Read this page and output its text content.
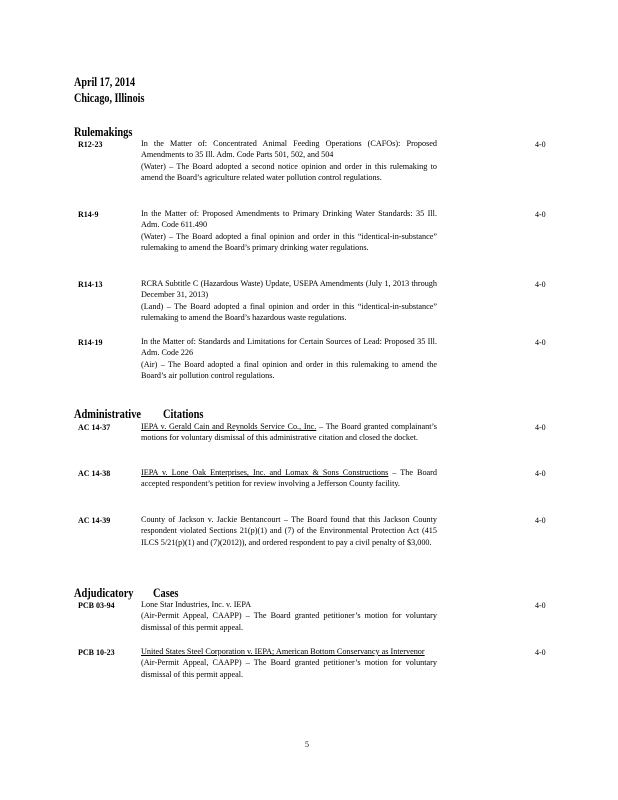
April 17, 2014
Chicago, Illinois
Rulemakings
R12-23	In the Matter of: Concentrated Animal Feeding Operations (CAFOs): Proposed Amendments to 35 Ill. Adm. Code Parts 501, 502, and 504
(Water) – The Board adopted a second notice opinion and order in this rulemaking to amend the Board’s agriculture related water pollution control regulations.
4-0
R14-9	In the Matter of: Proposed Amendments to Primary Drinking Water Standards: 35 Ill. Adm. Code 611.490
(Water) – The Board adopted a final opinion and order in this “identical-in-substance” rulemaking to amend the Board’s primary drinking water regulations.
4-0
R14-13	RCRA Subtitle C (Hazardous Waste) Update, USEPA Amendments (July 1, 2013 through December 31, 2013)
(Land) – The Board adopted a final opinion and order in this “identical-in-substance” rulemaking to amend the Board’s hazardous waste regulations.
4-0
R14-19	In the Matter of: Standards and Limitations for Certain Sources of Lead: Proposed 35 Ill. Adm. Code 226
(Air) – The Board adopted a final opinion and order in this rulemaking to amend the Board’s air pollution control regulations.
4-0
Administrative Citations
AC 14-37	IEPA v. Gerald Cain and Reynolds Service Co., Inc. – The Board granted complainant’s motions for voluntary dismissal of this administrative citation and closed the docket.
4-0
AC 14-38	IEPA v. Lone Oak Enterprises, Inc. and Lomax & Sons Constructions – The Board accepted respondent’s petition for review involving a Jefferson County facility.
4-0
AC 14-39	County of Jackson v. Jackie Bentancourt – The Board found that this Jackson County respondent violated Sections 21(p)(1) and (7) of the Environmental Protection Act (415 ILCS 5/21(p)(1) and (7)(2012)), and ordered respondent to pay a civil penalty of $3,000.
4-0
Adjudicatory Cases
PCB 03-94	Lone Star Industries, Inc. v. IEPA
(Air-Permit Appeal, CAAPP) – The Board granted petitioner’s motion for voluntary dismissal of this permit appeal.
4-0
PCB 10-23	United States Steel Corporation v. IEPA; American Bottom Conservancy as Intervenor
(Air-Permit Appeal, CAAPP) – The Board granted petitioner’s motion for voluntary dismissal of this permit appeal.
4-0
5
